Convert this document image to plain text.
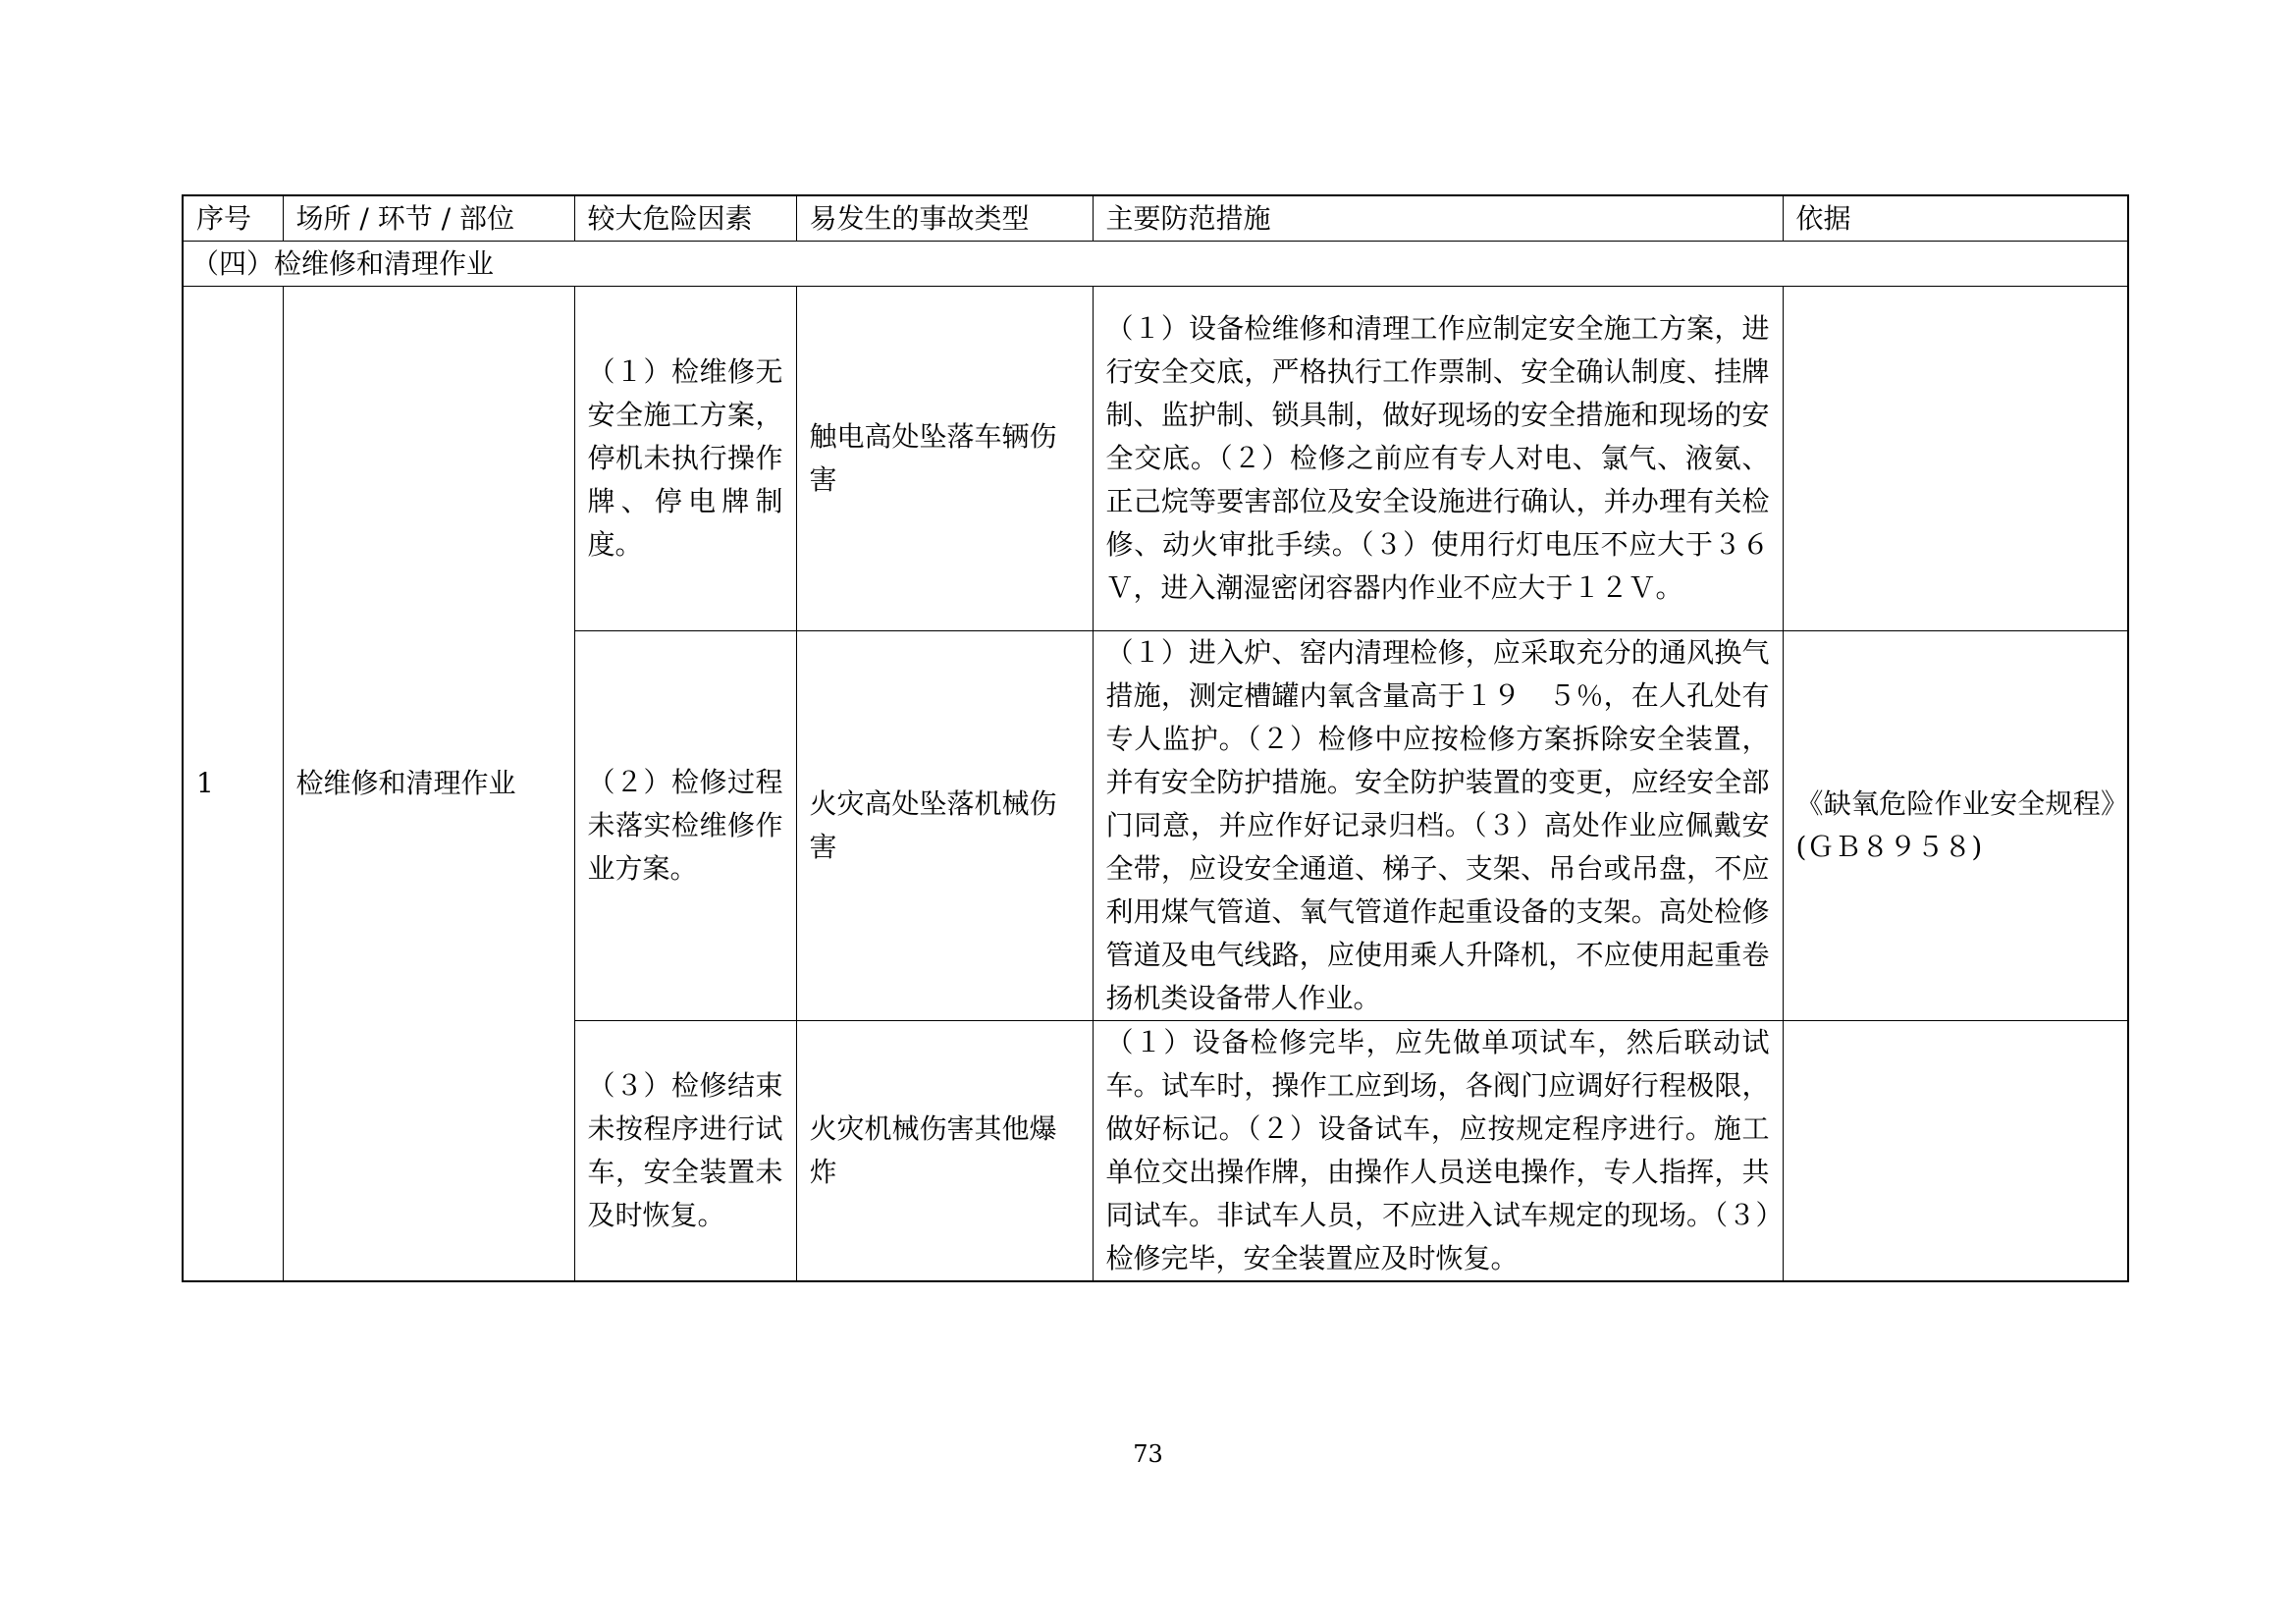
序号	场所 / 环节 / 部位	较大危险因素	易发生的事故类型	主要防范措施	依据
（四）检维修和清理作业					
1	检维修和清理作业	（１）检维修无安全施工方案，停机未执行操作牌、停电牌制度。	触电高处坠落车辆伤害	（１）设备检维修和清理工作应制定安全施工方案，进行安全交底，严格执行工作票制、安全确认制度、挂牌制、监护制、锁具制，做好现场的安全措施和现场的安全交底。（２）检修之前应有专人对电、氯气、液氨、正己烷等要害部位及安全设施进行确认，并办理有关检修、动火审批手续。（３）使用行灯电压不应大于３６Ｖ，进入潮湿密闭容器内作业不应大于１２Ｖ。	
		（２）检修过程未落实检维修作业方案。	火灾高处坠落机械伤害	（１）进入炉、窑内清理检修，应采取充分的通风换气措施，测定槽罐内氧含量高于１９　５％，在人孔处有专人监护。（２）检修中应按检修方案拆除安全装置，并有安全防护措施。安全防护装置的变更，应经安全部门同意，并应作好记录归档。（３）高处作业应佩戴安全带，应设安全通道、梯子、支架、吊台或吊盘，不应利用煤气管道、氧气管道作起重设备的支架。高处检修管道及电气线路，应使用乘人升降机，不应使用起重卷扬机类设备带人作业。	《缺氧危险作业安全规程》(ＧＢ８９５８)
		（３）检修结束未按程序进行试车，安全装置未及时恢复。	火灾机械伤害其他爆炸	（１）设备检修完毕，应先做单项试车，然后联动试车。试车时，操作工应到场，各阀门应调好行程极限，做好标记。（２）设备试车，应按规定程序进行。施工单位交出操作牌，由操作人员送电操作，专人指挥，共同试车。非试车人员，不应进入试车规定的现场。（３）检修完毕，安全装置应及时恢复。	
73
